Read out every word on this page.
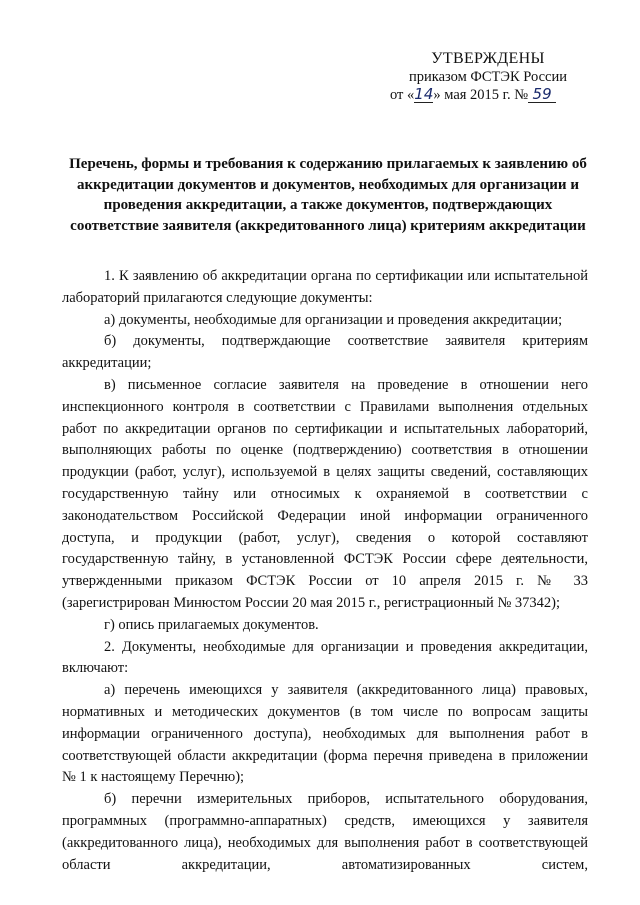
УТВЕРЖДЕНЫ
приказом ФСТЭК России
от «14» мая 2015 г. № 59
Перечень, формы и требования к содержанию прилагаемых к заявлению об аккредитации документов и документов, необходимых для организации и проведения аккредитации, а также документов, подтверждающих соответствие заявителя (аккредитованного лица) критериям аккредитации

1. К заявлению об аккредитации органа по сертификации или испытательной лабораторий прилагаются следующие документы:

а) документы, необходимые для организации и проведения аккредитации;

б) документы, подтверждающие соответствие заявителя критериям аккредитации;

в) письменное согласие заявителя на проведение в отношении него инспекционного контроля в соответствии с Правилами выполнения отдельных работ по аккредитации органов по сертификации и испытательных лабораторий, выполняющих работы по оценке (подтверждению) соответствия в отношении продукции (работ, услуг), используемой в целях защиты сведений, составляющих государственную тайну или относимых к охраняемой в соответствии с законодательством Российской Федерации иной информации ограниченного доступа, и продукции (работ, услуг), сведения о которой составляют государственную тайну, в установленной ФСТЭК России сфере деятельности, утвержденными приказом ФСТЭК России от 10 апреля 2015 г. № 33 (зарегистрирован Минюстом России 20 мая 2015 г., регистрационный № 37342);

г) опись прилагаемых документов.

2. Документы, необходимые для организации и проведения аккредитации, включают:

а) перечень имеющихся у заявителя (аккредитованного лица) правовых, нормативных и методических документов (в том числе по вопросам защиты информации ограниченного доступа), необходимых для выполнения работ в соответствующей области аккредитации (форма перечня приведена в приложении № 1 к настоящему Перечню);

б) перечни измерительных приборов, испытательного оборудования, программных (программно-аппаратных) средств, имеющихся у заявителя (аккредитованного лица), необходимых для выполнения работ в соответствующей области аккредитации, автоматизированных систем,
